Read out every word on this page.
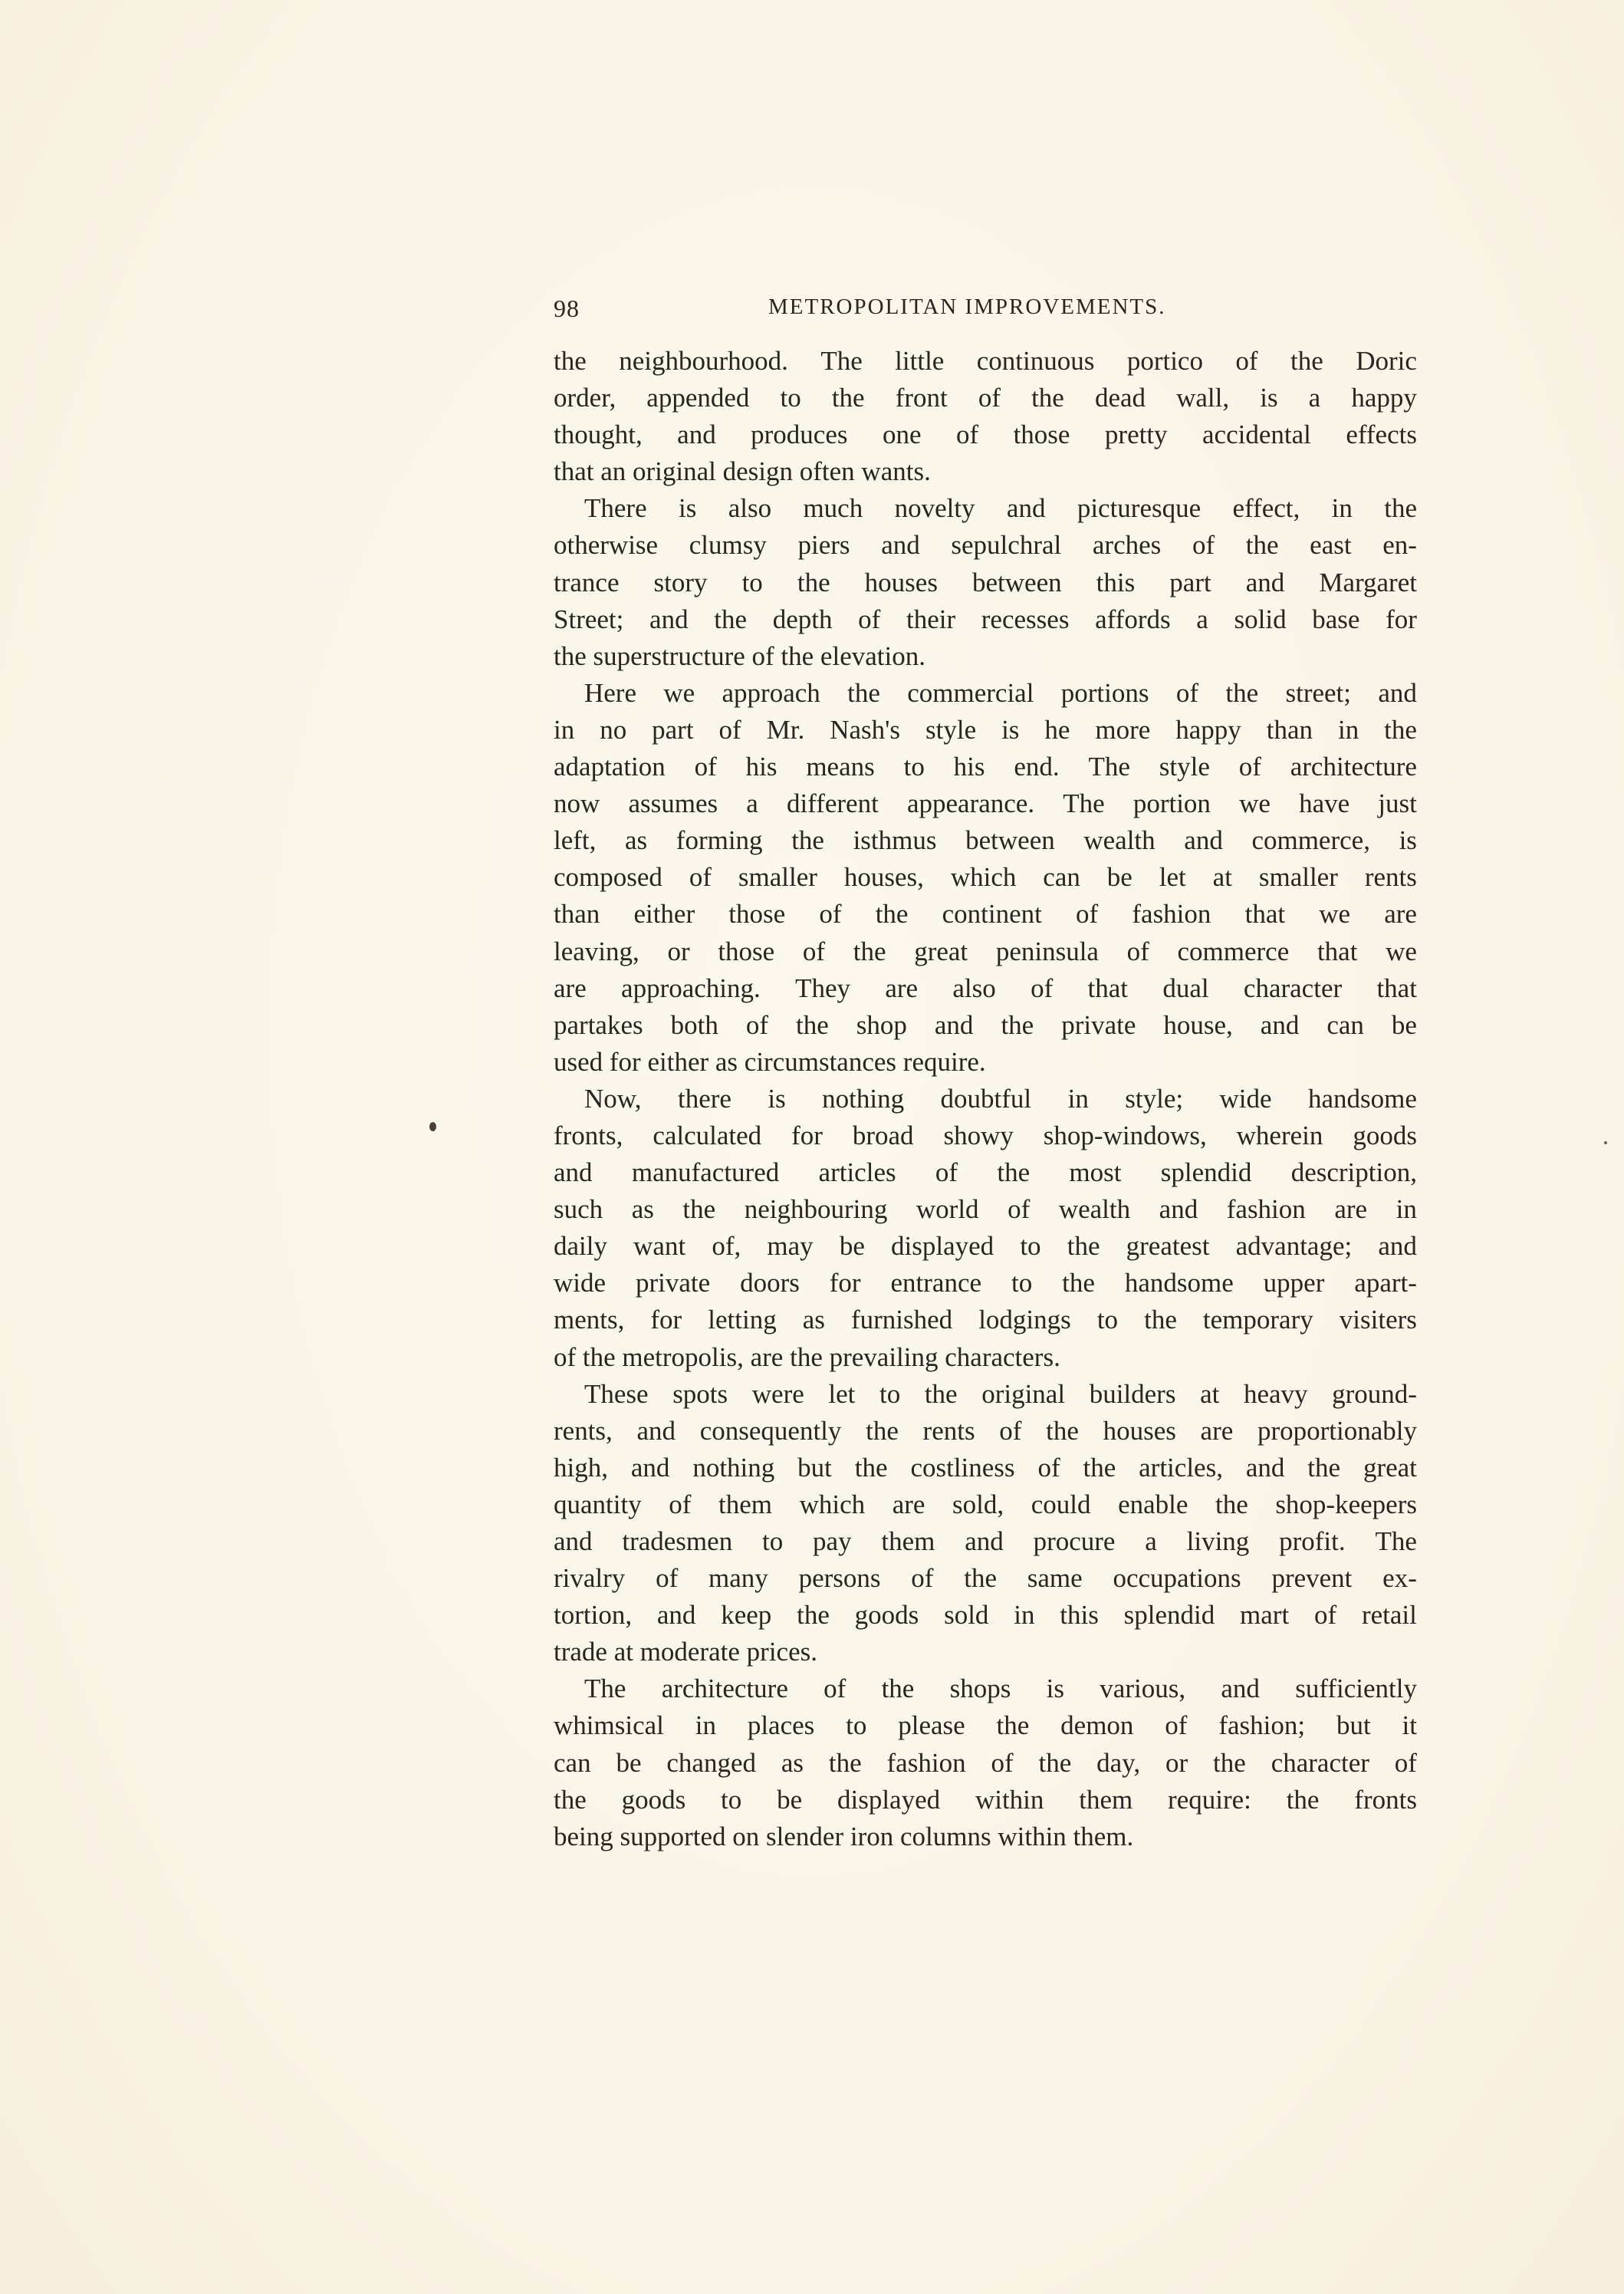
98	METROPOLITAN IMPROVEMENTS.
the neighbourhood. The little continuous portico of the Doric
order, appended to the front of the dead wall, is a happy
thought, and produces one of those pretty accidental effects
that an original design often wants.
There is also much novelty and picturesque effect, in the
otherwise clumsy piers and sepulchral arches of the east en-
trance story to the houses between this part and Margaret
Street; and the depth of their recesses affords a solid base for
the superstructure of the elevation.
Here we approach the commercial portions of the street; and
in no part of Mr. Nash's style is he more happy than in the
adaptation of his means to his end. The style of architecture
now assumes a different appearance. The portion we have just
left, as forming the isthmus between wealth and commerce, is
composed of smaller houses, which can be let at smaller rents
than either those of the continent of fashion that we are
leaving, or those of the great peninsula of commerce that we
are approaching. They are also of that dual character that
partakes both of the shop and the private house, and can be
used for either as circumstances require.
Now, there is nothing doubtful in style; wide handsome
fronts, calculated for broad showy shop-windows, wherein goods
and manufactured articles of the most splendid description,
such as the neighbouring world of wealth and fashion are in
daily want of, may be displayed to the greatest advantage; and
wide private doors for entrance to the handsome upper apart-
ments, for letting as furnished lodgings to the temporary visiters
of the metropolis, are the prevailing characters.
These spots were let to the original builders at heavy ground-
rents, and consequently the rents of the houses are proportionably
high, and nothing but the costliness of the articles, and the great
quantity of them which are sold, could enable the shop-keepers
and tradesmen to pay them and procure a living profit. The
rivalry of many persons of the same occupations prevent ex-
tortion, and keep the goods sold in this splendid mart of retail
trade at moderate prices.
The architecture of the shops is various, and sufficiently
whimsical in places to please the demon of fashion; but it
can be changed as the fashion of the day, or the character of
the goods to be displayed within them require: the fronts
being supported on slender iron columns within them.
